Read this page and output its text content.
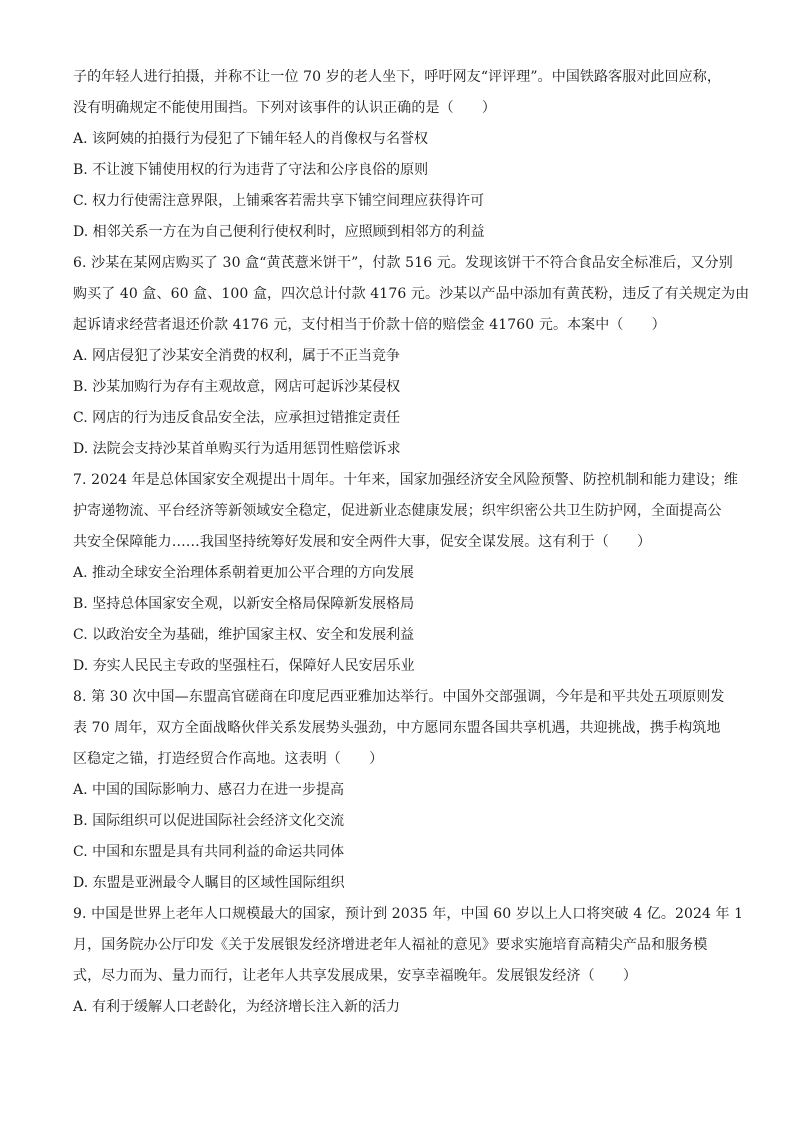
子的年轻人进行拍摄，并称不让一位 70 岁的老人坐下，呼吁网友“评评理”。中国铁路客服对此回应称，
没有明确规定不能使用围挡。下列对该事件的认识正确的是（　　）
A. 该阿姨的拍摄行为侵犯了下铺年轻人的肖像权与名誉权
B. 不让渡下铺使用权的行为违背了守法和公序良俗的原则
C. 权力行使需注意界限，上铺乘客若需共享下铺空间理应获得许可
D. 相邻关系一方在为自己便利行使权利时，应照顾到相邻方的利益
6. 沙某在某网店购买了 30 盒“黄芪薏米饼干”，付款 516 元。发现该饼干不符合食品安全标准后，又分别
购买了 40 盒、60 盒、100 盒，四次总计付款 4176 元。沙某以产品中添加有黄芪粉，违反了有关规定为由
起诉请求经营者退还价款 4176 元，支付相当于价款十倍的赔偿金 41760 元。本案中（　　）
A. 网店侵犯了沙某安全消费的权利，属于不正当竞争
B. 沙某加购行为存有主观故意，网店可起诉沙某侵权
C. 网店的行为违反食品安全法，应承担过错推定责任
D. 法院会支持沙某首单购买行为适用惩罚性赔偿诉求
7. 2024 年是总体国家安全观提出十周年。十年来，国家加强经济安全风险预警、防控机制和能力建设；维
护寄递物流、平台经济等新领域安全稳定，促进新业态健康发展；织牢织密公共卫生防护网，全面提高公
共安全保障能力……我国坚持统筹好发展和安全两件大事，促安全谋发展。这有利于（　　）
A. 推动全球安全治理体系朝着更加公平合理的方向发展
B. 坚持总体国家安全观，以新安全格局保障新发展格局
C. 以政治安全为基础，维护国家主权、安全和发展利益
D. 夯实人民民主专政的坚强柱石，保障好人民安居乐业
8. 第 30 次中国—东盟高官磋商在印度尼西亚雅加达举行。中国外交部强调，今年是和平共处五项原则发
表 70 周年，双方全面战略伙伴关系发展势头强劲，中方愿同东盟各国共享机遇，共迎挑战，携手构筑地
区稳定之锚，打造经贸合作高地。这表明（　　）
A. 中国的国际影响力、感召力在进一步提高
B. 国际组织可以促进国际社会经济文化交流
C. 中国和东盟是具有共同利益的命运共同体
D. 东盟是亚洲最令人瞩目的区域性国际组织
9. 中国是世界上老年人口规模最大的国家，预计到 2035 年，中国 60 岁以上人口将突破 4 亿。2024 年 1
月，国务院办公厅印发《关于发展银发经济增进老年人福祉的意见》要求实施培育高精尖产品和服务模
式，尽力而为、量力而行，让老年人共享发展成果，安享幸福晚年。发展银发经济（　　）
A. 有利于缓解人口老龄化，为经济增长注入新的活力
